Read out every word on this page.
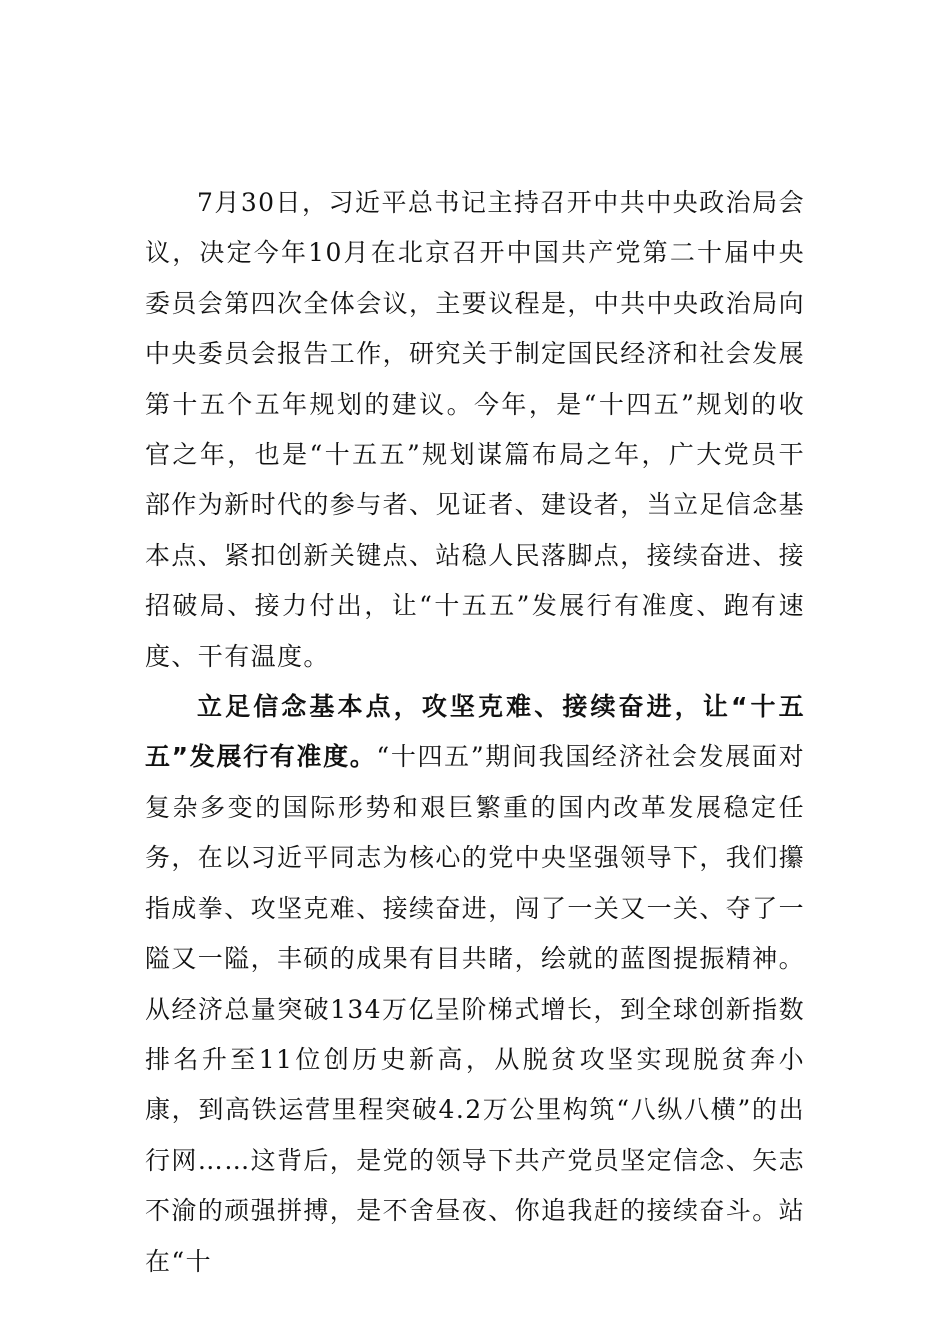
7月30日，习近平总书记主持召开中共中央政治局会议，决定今年10月在北京召开中国共产党第二十届中央委员会第四次全体会议，主要议程是，中共中央政治局向中央委员会报告工作，研究关于制定国民经济和社会发展第十五个五年规划的建议。今年，是“十四五”规划的收官之年，也是“十五五”规划谋篇布局之年，广大党员干部作为新时代的参与者、见证者、建设者，当立足信念基本点、紧扣创新关键点、站稳人民落脚点，接续奋进、接招破局、接力付出，让“十五五”发展行有准度、跑有速度、干有温度。

立足信念基本点，攻坚克难、接续奋进，让“十五五”发展行有准度。“十四五”期间我国经济社会发展面对复杂多变的国际形势和艰巨繁重的国内改革发展稳定任务，在以习近平同志为核心的党中央坚强领导下，我们攥指成拳、攻坚克难、接续奋进，闯了一关又一关、夺了一隘又一隘，丰硕的成果有目共睹，绘就的蓝图提振精神。从经济总量突破134万亿呈阶梯式增长，到全球创新指数排名升至11位创历史新高，从脱贫攻坚实现脱贫奔小康，到高铁运营里程突破4.2万公里构筑“八纵八横”的出行网……这背后，是党的领导下共产党员坚定信念、矢志不渝的顽强拼搏，是不舍昼夜、你追我赶的接续奋斗。站在“十
